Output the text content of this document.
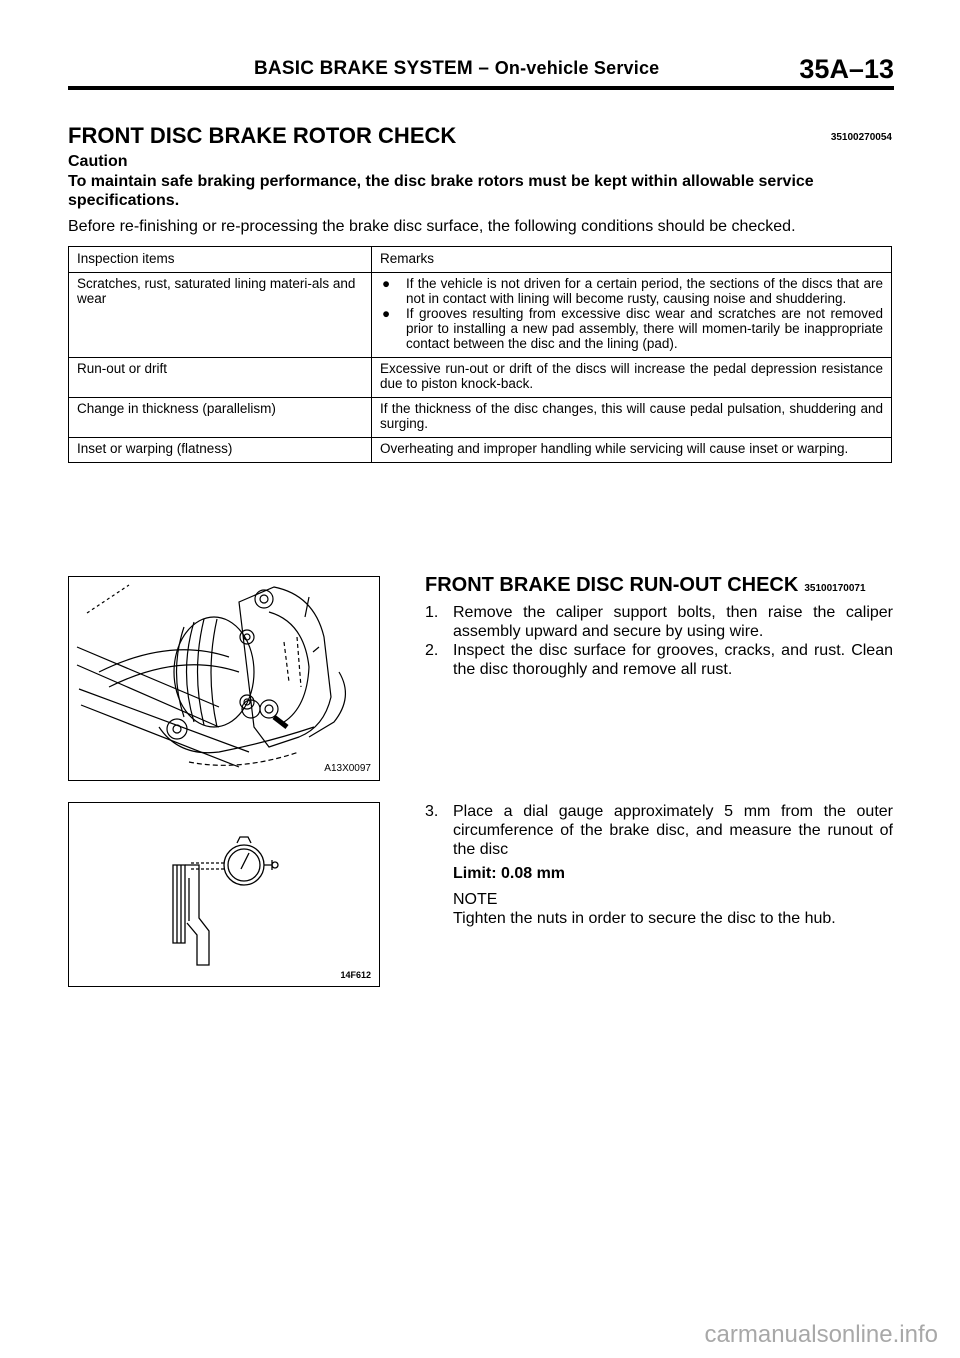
BASIC BRAKE SYSTEM – On-vehicle Service	35A–13
FRONT DISC BRAKE ROTOR CHECK	35100270054
Caution
To maintain safe braking performance, the disc brake rotors must be kept within allowable service specifications.
Before re-finishing or re-processing the brake disc surface, the following conditions should be checked.
Inspection items	Remarks
Scratches, rust, saturated lining materi-als and wear	● If the vehicle is not driven for a certain period, the sections of the discs that are not in contact with lining will become rusty, causing noise and shuddering.
● If grooves resulting from excessive disc wear and scratches are not removed prior to installing a new pad assembly, there will momen-tarily be inappropriate contact between the disc and the lining (pad).

Run-out or drift	Excessive run-out or drift of the discs will increase the pedal depression resistance due to piston knock-back.
Change in thickness (parallelism)	If the thickness of the disc changes, this will cause pedal pulsation, shuddering and surging.
Inset or warping (flatness)	Overheating and improper handling while servicing will cause inset or warping.
A13X0097
14F612
FRONT BRAKE DISC RUN-OUT CHECK 35100170071
1. Remove the caliper support bolts, then raise the caliper assembly upward and secure by using wire.
2. Inspect the disc surface for grooves, cracks, and rust. Clean the disc thoroughly and remove all rust.
3. Place a dial gauge approximately 5 mm from the outer circumference of the brake disc, and measure the runout of the disc
Limit: 0.08 mm
NOTE
Tighten the nuts in order to secure the disc to the hub.
carmanualsonline.info
